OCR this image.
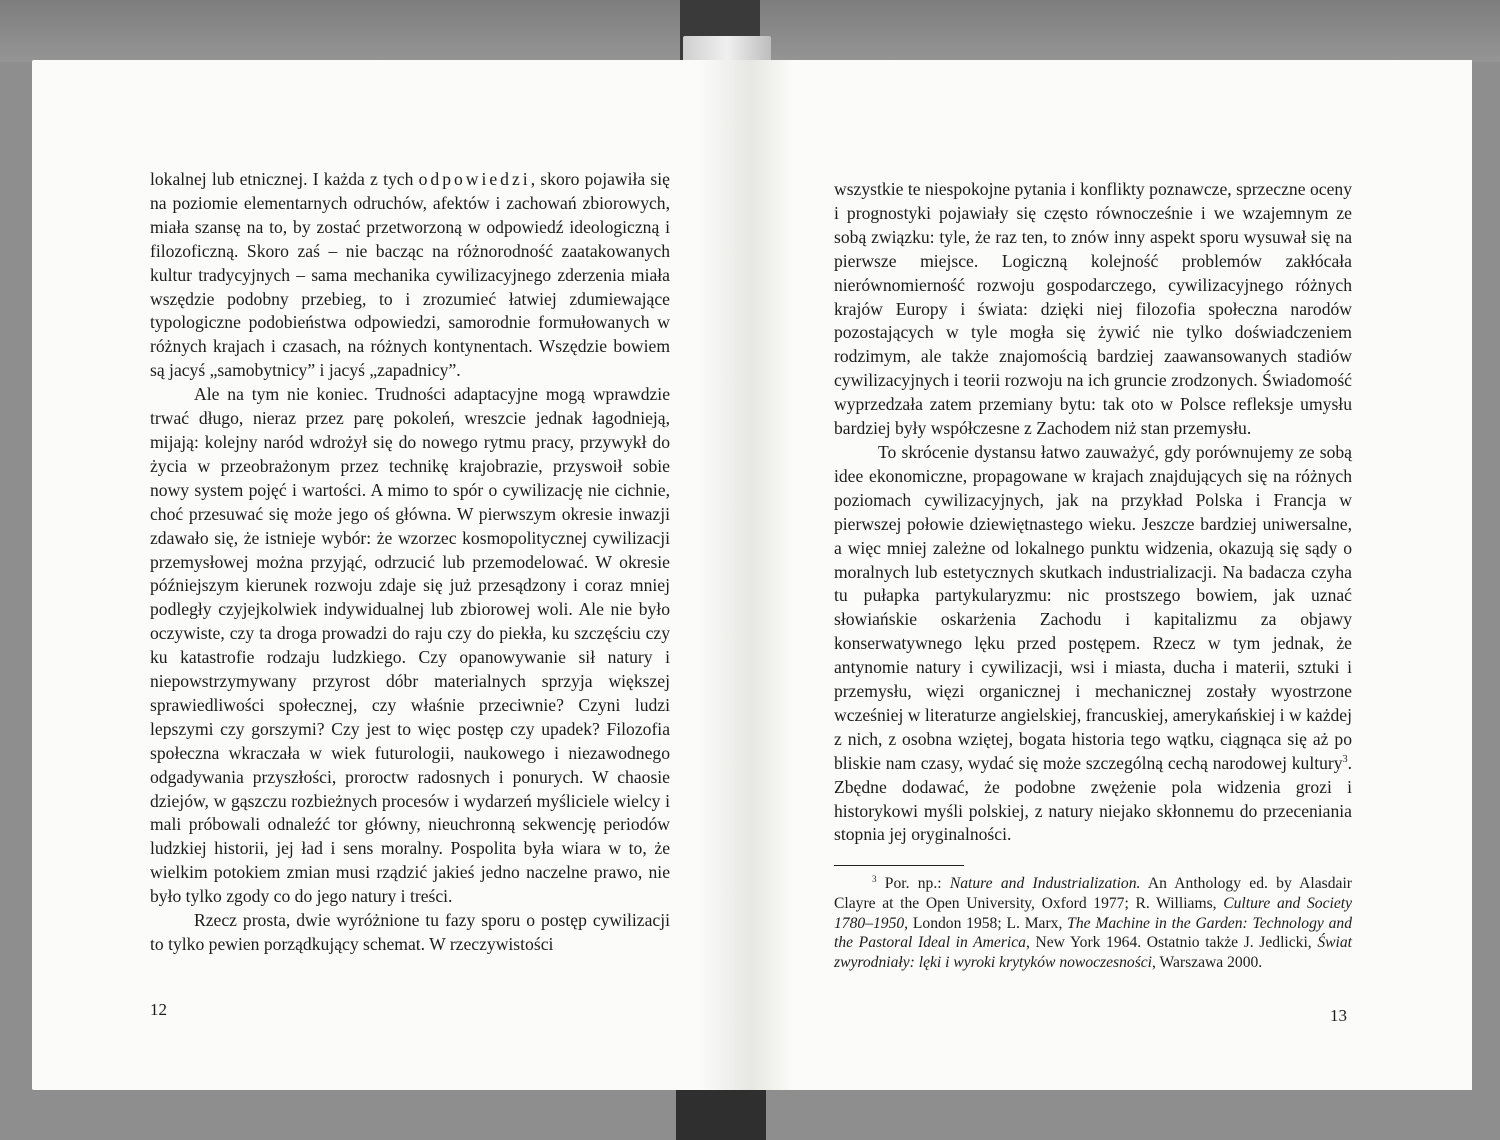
lokalnej lub etnicznej. I każda z tych odpowiedzi, skoro pojawiła się na poziomie elementarnych odruchów, afektów i zachowań zbiorowych, miała szansę na to, by zostać przetworzoną w odpowiedź ideologiczną i filozoficzną. Skoro zaś – nie bacząc na różnorodność zaatakowanych kultur tradycyjnych – sama mechanika cywilizacyjnego zderzenia miała wszędzie podobny przebieg, to i zrozumieć łatwiej zdumiewające typologiczne podobieństwa odpowiedzi, samorodnie formułowanych w różnych krajach i czasach, na różnych kontynentach. Wszędzie bowiem są jacyś „samobytnicy” i jacyś „zapadnicy”.

Ale na tym nie koniec. Trudności adaptacyjne mogą wprawdzie trwać długo, nieraz przez parę pokoleń, wreszcie jednak łagodnieją, mijają: kolejny naród wdrożył się do nowego rytmu pracy, przywykł do życia w przeobrażonym przez technikę krajobrazie, przyswoił sobie nowy system pojęć i wartości. A mimo to spór o cywilizację nie cichnie, choć przesuwać się może jego oś główna. W pierwszym okresie inwazji zdawało się, że istnieje wybór: że wzorzec kosmopolitycznej cywilizacji przemysłowej można przyjąć, odrzucić lub przemodelować. W okresie późniejszym kierunek rozwoju zdaje się już przesądzony i coraz mniej podległy czyjejkolwiek indywidualnej lub zbiorowej woli. Ale nie było oczywiste, czy ta droga prowadzi do raju czy do piekła, ku szczęściu czy ku katastrofie rodzaju ludzkiego. Czy opanowywanie sił natury i niepowstrzymywany przyrost dóbr materialnych sprzyja większej sprawiedliwości społecznej, czy właśnie przeciwnie? Czyni ludzi lepszymi czy gorszymi? Czy jest to więc postęp czy upadek? Filozofia społeczna wkraczała w wiek futurologii, naukowego i niezawodnego odgadywania przyszłości, proroctw radosnych i ponurych. W chaosie dziejów, w gąszczu rozbieżnych procesów i wydarzeń myśliciele wielcy i mali próbowali odnaleźć tor główny, nieuchronną sekwencję periodów ludzkiej historii, jej ład i sens moralny. Pospolita była wiara w to, że wielkim potokiem zmian musi rządzić jakieś jedno naczelne prawo, nie było tylko zgody co do jego natury i treści.

Rzecz prosta, dwie wyróżnione tu fazy sporu o postęp cywilizacji to tylko pewien porządkujący schemat. W rzeczywistości

12

wszystkie te niespokojne pytania i konflikty poznawcze, sprzeczne oceny i prognostyki pojawiały się często równocześnie i we wzajemnym ze sobą związku: tyle, że raz ten, to znów inny aspekt sporu wysuwał się na pierwsze miejsce. Logiczną kolejność problemów zakłócała nierównomierność rozwoju gospodarczego, cywilizacyjnego różnych krajów Europy i świata: dzięki niej filozofia społeczna narodów pozostających w tyle mogła się żywić nie tylko doświadczeniem rodzimym, ale także znajomością bardziej zaawansowanych stadiów cywilizacyjnych i teorii rozwoju na ich gruncie zrodzonych. Świadomość wyprzedzała zatem przemiany bytu: tak oto w Polsce refleksje umysłu bardziej były współczesne z Zachodem niż stan przemysłu.

To skrócenie dystansu łatwo zauważyć, gdy porównujemy ze sobą idee ekonomiczne, propagowane w krajach znajdujących się na różnych poziomach cywilizacyjnych, jak na przykład Polska i Francja w pierwszej połowie dziewiętnastego wieku. Jeszcze bardziej uniwersalne, a więc mniej zależne od lokalnego punktu widzenia, okazują się sądy o moralnych lub estetycznych skutkach industrializacji. Na badacza czyha tu pułapka partykularyzmu: nic prostszego bowiem, jak uznać słowiańskie oskarżenia Zachodu i kapitalizmu za objawy konserwatywnego lęku przed postępem. Rzecz w tym jednak, że antynomie natury i cywilizacji, wsi i miasta, ducha i materii, sztuki i przemysłu, więzi organicznej i mechanicznej zostały wyostrzone wcześniej w literaturze angielskiej, francuskiej, amerykańskiej i w każdej z nich, z osobna wziętej, bogata historia tego wątku, ciągnąca się aż po bliskie nam czasy, wydać się może szczególną cechą narodowej kultury$^3$. Zbędne dodawać, że podobne zwężenie pola widzenia grozi i historykowi myśli polskiej, z natury niejako skłonnemu do przeceniania stopnia jej oryginalności.

$^3$ Por. np.: Nature and Industrialization. An Anthology ed. by Alasdair Clayre at the Open University, Oxford 1977; R. Williams, Culture and Society 1780–1950, London 1958; L. Marx, The Machine in the Garden: Technology and the Pastoral Ideal in America, New York 1964. Ostatnio także J. Jedlicki, Świat zwyrodniały: lęki i wyroki krytyków nowoczesności, Warszawa 2000.

13
